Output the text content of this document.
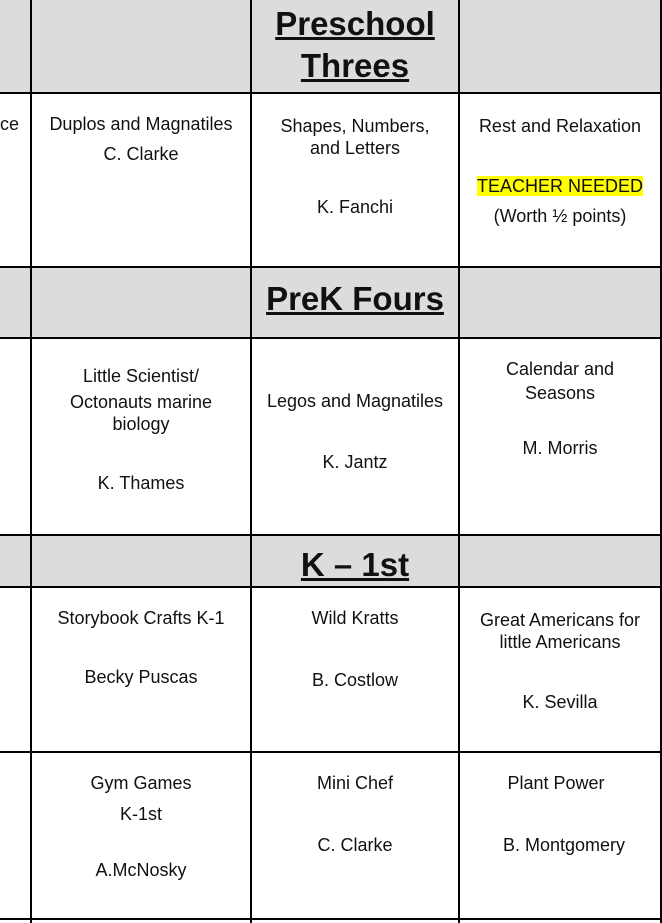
Preschool
Threes
ce	Duplos and Magnatiles
C. Clarke
Shapes, Numbers,
and Letters
K. Fanchi
Rest and Relaxation
TEACHER NEEDED
(Worth ½ points)
PreK Fours
Little Scientist/
Octonauts marine
biology
K. Thames
Legos and Magnatiles
K. Jantz
Calendar and
Seasons
M. Morris
K – 1st
Storybook Crafts K-1
Becky Puscas
Wild Kratts
B. Costlow
Great Americans for
little Americans
K. Sevilla
Gym Games
K-1st
A.McNosky
Mini Chef
C. Clarke
Plant Power
B. Montgomery
